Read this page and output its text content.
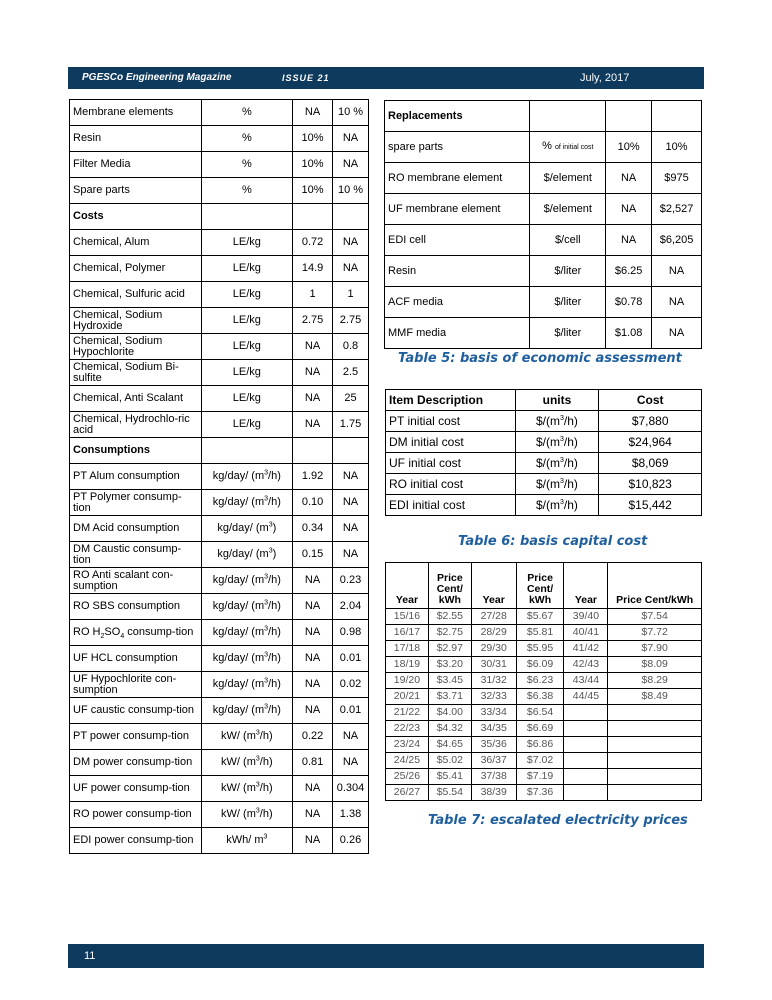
PGESCo Engineering Magazine	ISSUE 21	July, 2017
Membrane elements	%	NA	10 %
Resin	%	10%	NA
Filter Media	%	10%	NA
Spare parts	%	10%	10 %
Costs			
Chemical, Alum	LE/kg	0.72	NA
Chemical, Polymer	LE/kg	14.9	NA
Chemical, Sulfuric acid	LE/kg	1	1
Chemical, Sodium Hydroxide	LE/kg	2.75	2.75
Chemical, Sodium Hypochlorite	LE/kg	NA	0.8
Chemical, Sodium Bi-sulfite	LE/kg	NA	2.5
Chemical, Anti Scalant	LE/kg	NA	25
Chemical, Hydrochlo-ric acid	LE/kg	NA	1.75
Consumptions			
PT Alum consumption	kg/day/ $(m^3/h)$	1.92	NA
PT Polymer consump-tion	kg/day/ $(m^3/h)$	0.10	NA
DM Acid consumption	kg/day/ $(m^3)$	0.34	NA
DM Caustic consump-tion	kg/day/ $(m^3)$	0.15	NA
RO Anti scalant con-sumption	kg/day/ $(m^3/h)$	NA	0.23
RO SBS consumption	kg/day/ $(m^3/h)$	NA	2.04
RO $H_2SO_4$ consump-tion	kg/day/ $(m^3/h)$	NA	0.98
UF HCL consumption	kg/day/ $(m^3/h)$	NA	0.01
UF Hypochlorite con-sumption	kg/day/ $(m^3/h)$	NA	0.02
UF caustic consump-tion	kg/day/ $(m^3/h)$	NA	0.01
PT power consump-tion	kW/ $(m^3/h)$	0.22	NA
DM power consump-tion	kW/ $(m^3/h)$	0.81	NA
UF power consump-tion	kW/ $(m^3/h)$	NA	0.304
RO power consump-tion	kW/ $(m^3/h)$	NA	1.38
EDI power consump-tion	kWh/ $m^3$	NA	0.26
Replacements			
spare parts	% of initial cost	10%	10%
RO membrane element	$/element	NA	$975
UF membrane element	$/element	NA	$2,527
EDI cell	$/cell	NA	$6,205
Resin	$/liter	$6.25	NA
ACF media	$/liter	$0.78	NA
MMF media	$/liter	$1.08	NA
Table 5: basis of economic assessment
Item Description	units	Cost
PT initial cost	$\$/(m^3/h)$	$7,880
DM initial cost	$\$/(m^3/h)$	$24,964
UF initial cost	$\$/(m^3/h)$	$8,069
RO initial cost	$\$/(m^3/h)$	$10,823
EDI initial cost	$\$/(m^3/h)$	$15,442
Table 6: basis capital cost
Year	Price Cent/ kWh	Year	Price Cent/ kWh	Year	Price Cent/kWh
15/16	$2.55	27/28	$5.67	39/40	$7.54
16/17	$2.75	28/29	$5.81	40/41	$7.72
17/18	$2.97	29/30	$5.95	41/42	$7.90
18/19	$3.20	30/31	$6.09	42/43	$8.09
19/20	$3.45	31/32	$6.23	43/44	$8.29
20/21	$3.71	32/33	$6.38	44/45	$8.49
21/22	$4.00	33/34	$6.54		
22/23	$4.32	34/35	$6.69		
23/24	$4.65	35/36	$6.86		
24/25	$5.02	36/37	$7.02		
25/26	$5.41	37/38	$7.19		
26/27	$5.54	38/39	$7.36		
Table 7: escalated electricity prices
11
